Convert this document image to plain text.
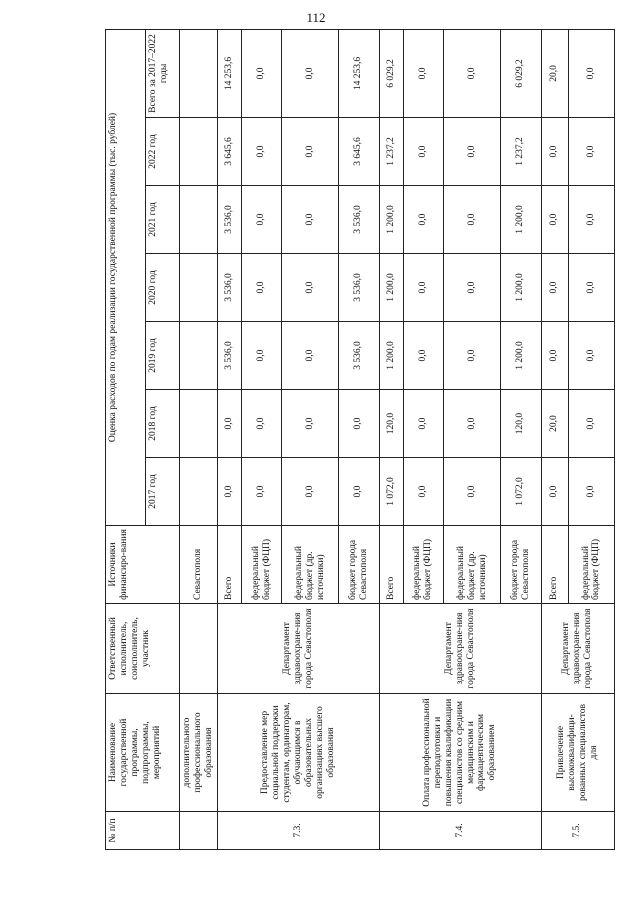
112
№ п/п	Наименование государственной программы, подпрограммы, мероприятий	Ответственный исполнитель, соисполнитель, участник	Источники финансиро-вания	Оценка расходов по годам реализации государственной программы (тыс. рублей)						
				2017 год	2018 год	2019 год	2020 год	2021 год	2022 год	Всего за 2017–2022 годы
	дополнительного профессионального образования		Севастополя							
7.3.	Предоставление мер социальной поддержки студентам, ординаторам, обучающимся в образовательных организациях высшего образования	Департамент здравоохране-ния города Севастополя	Всего	0,0	0,0	3 536,0	3 536,0	3 536,0	3 645,6	14 253,6
			федеральный бюджет (ФЦП)	0,0	0,0	0,0	0,0	0,0	0,0	0,0
			федеральный бюджет (др. источники)	0,0	0,0	0,0	0,0	0,0	0,0	0,0
			бюджет города Севастополя	0,0	0,0	3 536,0	3 536,0	3 536,0	3 645,6	14 253,6
7.4.	Оплата профессиональной переподготовки и повышения квалификации специалистов со средним медицинским и фармацевтическим образованием	Департамент здравоохране-ния города Севастополя	Всего	1 072,0	120,0	1 200,0	1 200,0	1 200,0	1 237,2	6 029,2
			федеральный бюджет (ФЦП)	0,0	0,0	0,0	0,0	0,0	0,0	0,0
			федеральный бюджет (др. источники)	0,0	0,0	0,0	0,0	0,0	0,0	0,0
			бюджет города Севастополя	1 072,0	120,0	1 200,0	1 200,0	1 200,0	1 237,2	6 029,2
7.5.	Привлечение высококвалифици-рованных специалистов для	Департамент здравоохране-ния города Севастополя	Всего	0,0	20,0	0,0	0,0	0,0	0,0	20,0
			федеральный бюджет (ФЦП)	0,0	0,0	0,0	0,0	0,0	0,0	0,0
